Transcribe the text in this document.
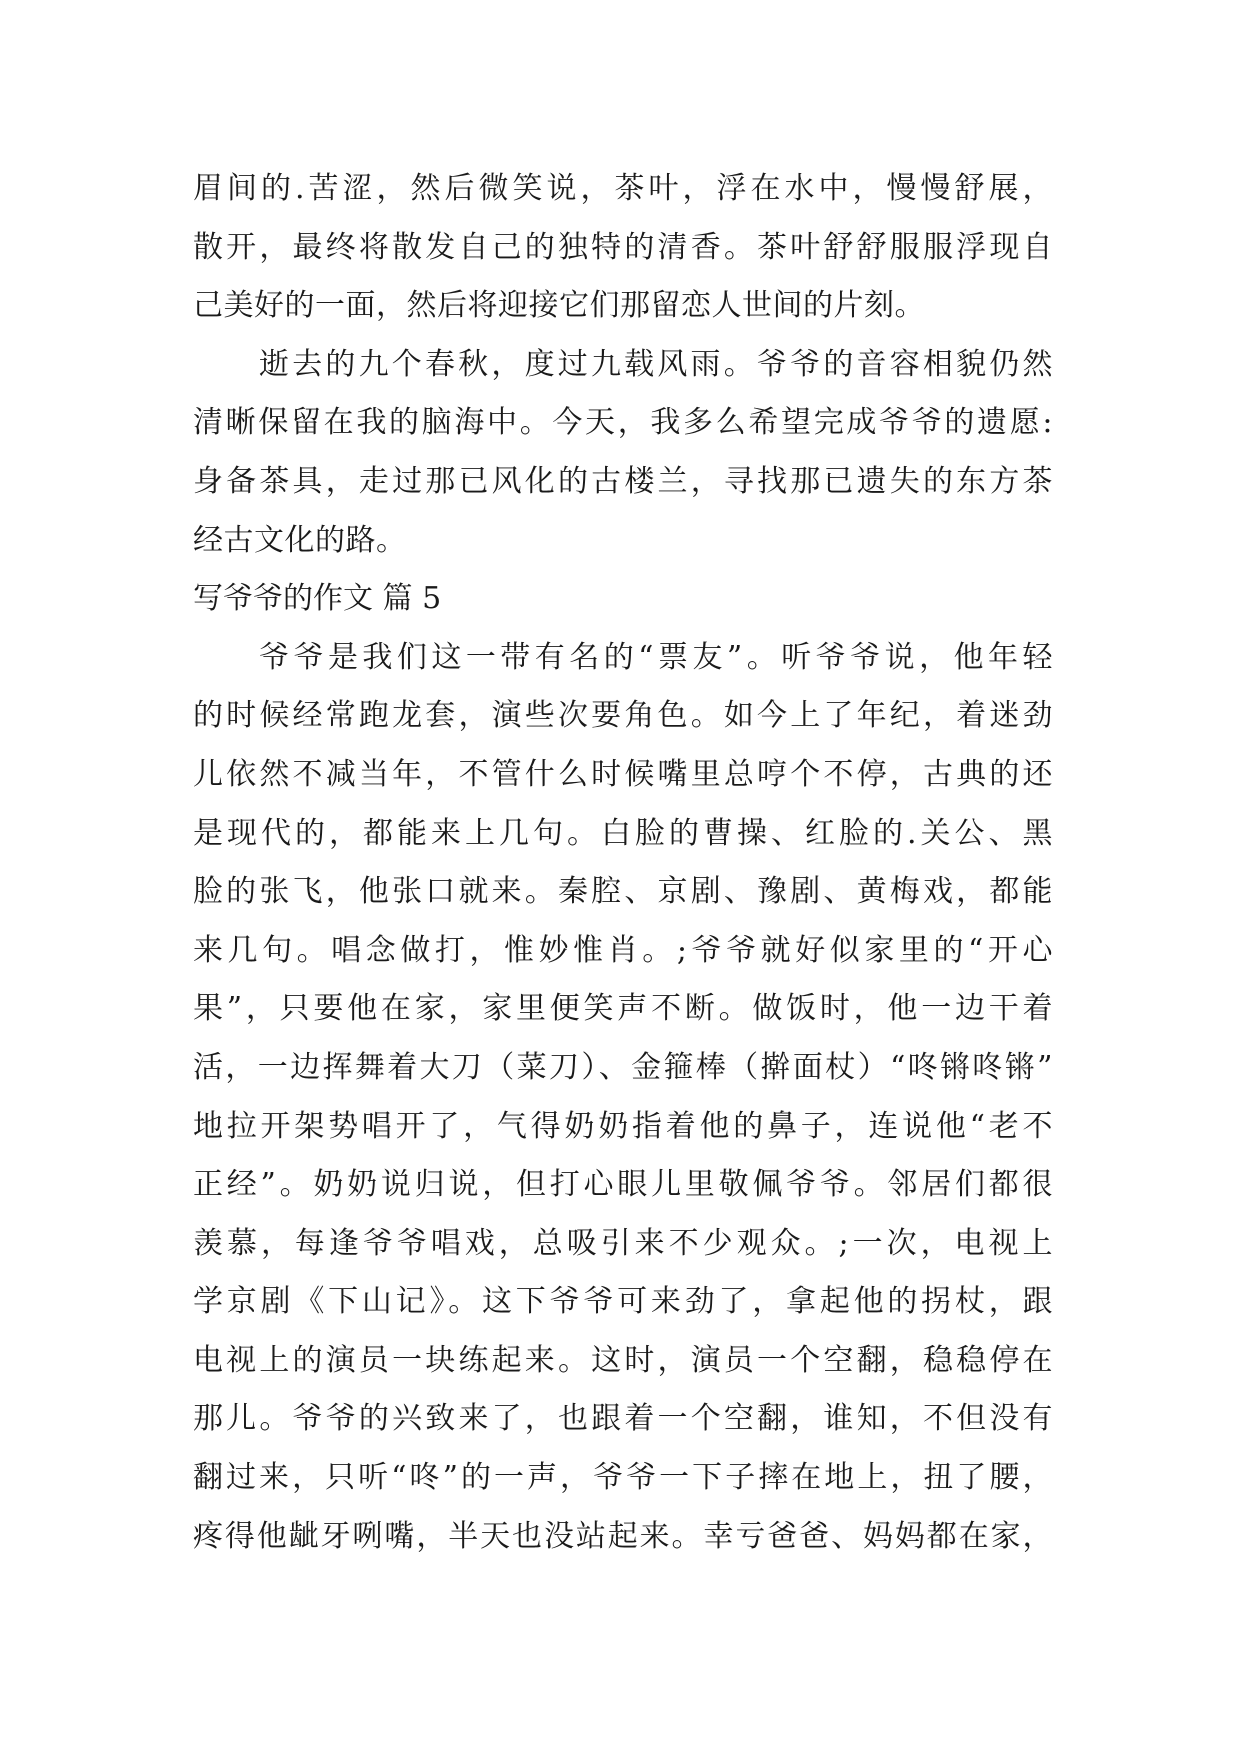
眉间的.苦涩，然后微笑说，茶叶，浮在水中，慢慢舒展，
散开，最终将散发自己的独特的清香。茶叶舒舒服服浮现自
己美好的一面，然后将迎接它们那留恋人世间的片刻。
逝去的九个春秋，度过九载风雨。爷爷的音容相貌仍然
清晰保留在我的脑海中。今天，我多么希望完成爷爷的遗愿:
身备茶具，走过那已风化的古楼兰，寻找那已遗失的东方茶
经古文化的路。
写爷爷的作文 篇 5
爷爷是我们这一带有名的“票友”。听爷爷说，他年轻
的时候经常跑龙套，演些次要角色。如今上了年纪，着迷劲
儿依然不减当年，不管什么时候嘴里总哼个不停，古典的还
是现代的，都能来上几句。白脸的曹操、红脸的.关公、黑
脸的张飞，他张口就来。秦腔、京剧、豫剧、黄梅戏，都能
来几句。唱念做打，惟妙惟肖。;爷爷就好似家里的“开心
果”，只要他在家，家里便笑声不断。做饭时，他一边干着
活，一边挥舞着大刀（菜刀）、金箍棒（擀面杖）“咚锵咚锵”
地拉开架势唱开了，气得奶奶指着他的鼻子，连说他“老不
正经”。奶奶说归说，但打心眼儿里敬佩爷爷。邻居们都很
羡慕，每逢爷爷唱戏，总吸引来不少观众。;一次，电视上
学京剧《下山记》。这下爷爷可来劲了，拿起他的拐杖，跟
电视上的演员一块练起来。这时，演员一个空翻，稳稳停在
那儿。爷爷的兴致来了，也跟着一个空翻，谁知，不但没有
翻过来，只听“咚”的一声，爷爷一下子摔在地上，扭了腰，
疼得他龇牙咧嘴，半天也没站起来。幸亏爸爸、妈妈都在家，
